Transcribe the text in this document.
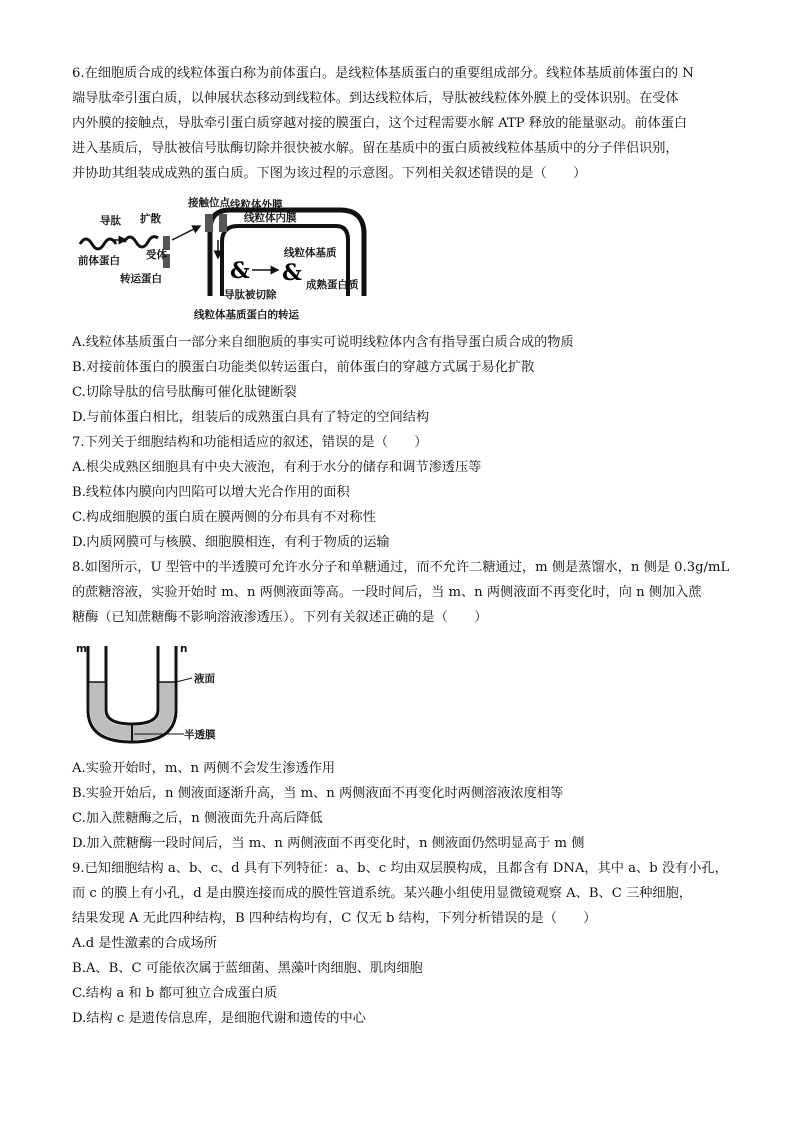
6.在细胞质合成的线粒体蛋白称为前体蛋白。是线粒体基质蛋白的重要组成部分。线粒体基质前体蛋白的 N
端导肽牵引蛋白质，以伸展状态移动到线粒体。到达线粒体后，导肽被线粒体外膜上的受体识别。在受体
内外膜的接触点，导肽牵引蛋白质穿越对接的膜蛋白，这个过程需要水解 ATP 释放的能量驱动。前体蛋白
进入基质后，导肽被信号肽酶切除并很快被水解。留在基质中的蛋白质被线粒体基质中的分子伴侣识别，
并协助其组装成成熟的蛋白质。下图为该过程的示意图。下列相关叙述错误的是（　　）
& &
接触位点 线粒体外膜
线粒体内膜
导肽 扩散
受体
前体蛋白
转运蛋白
线粒体基质
成熟蛋白质
导肽被切除
线粒体基质蛋白的转运
A.线粒体基质蛋白一部分来自细胞质的事实可说明线粒体内含有指导蛋白质合成的物质
B.对接前体蛋白的膜蛋白功能类似转运蛋白，前体蛋白的穿越方式属于易化扩散
C.切除导肽的信号肽酶可催化肽键断裂
D.与前体蛋白相比，组装后的成熟蛋白具有了特定的空间结构
7.下列关于细胞结构和功能相适应的叙述，错误的是（　　）
A.根尖成熟区细胞具有中央大液泡，有利于水分的储存和调节渗透压等
B.线粒体内膜向内凹陷可以增大光合作用的面积
C.构成细胞膜的蛋白质在膜两侧的分布具有不对称性
D.内质网膜可与核膜、细胞膜相连，有利于物质的运输
8.如图所示，U 型管中的半透膜可允许水分子和单糖通过，而不允许二糖通过，m 侧是蒸馏水，n 侧是 0.3g/mL
的蔗糖溶液，实验开始时 m、n 两侧液面等高。一段时间后，当 m、n 两侧液面不再变化时，向 n 侧加入蔗
糖酶（已知蔗糖酶不影响溶液渗透压）。下列有关叙述正确的是（　　）
m	n
液面
半透膜
A.实验开始时，m、n 两侧不会发生渗透作用
B.实验开始后，n 侧液面逐渐升高，当 m、n 两侧液面不再变化时两侧溶液浓度相等
C.加入蔗糖酶之后，n 侧液面先升高后降低
D.加入蔗糖酶一段时间后，当 m、n 两侧液面不再变化时，n 侧液面仍然明显高于 m 侧
9.已知细胞结构 a、b、c、d 具有下列特征：a、b、c 均由双层膜构成，且都含有 DNA，其中 a、b 没有小孔，
而 c 的膜上有小孔，d 是由膜连接而成的膜性管道系统。某兴趣小组使用显微镜观察 A、B、C 三种细胞，
结果发现 A 无此四种结构，B 四种结构均有，C 仅无 b 结构，下列分析错误的是（　　）
A.d 是性激素的合成场所
B.A、B、C 可能依次属于蓝细菌、黑藻叶肉细胞、肌肉细胞
C.结构 a 和 b 都可独立合成蛋白质
D.结构 c 是遗传信息库，是细胞代谢和遗传的中心
